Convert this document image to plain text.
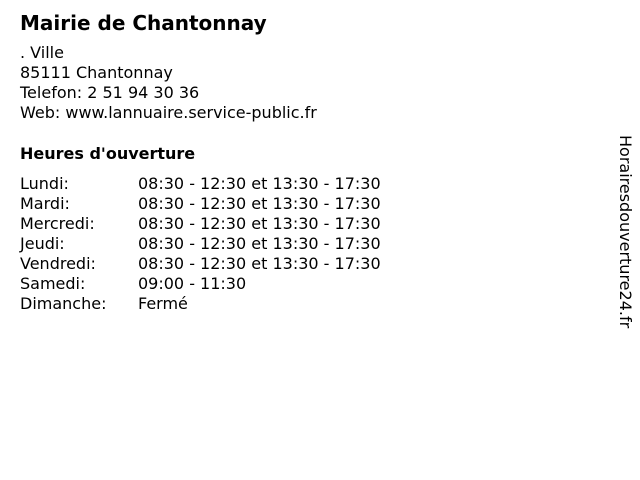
Mairie de Chantonnay
. Ville
85111 Chantonnay
Telefon: 2 51 94 30 36
Web: www.lannuaire.service-public.fr
Heures d'ouverture
Lundi:	08:30 - 12:30 et 13:30 - 17:30
Mardi:	08:30 - 12:30 et 13:30 - 17:30
Mercredi:	08:30 - 12:30 et 13:30 - 17:30
Jeudi:	08:30 - 12:30 et 13:30 - 17:30
Vendredi:	08:30 - 12:30 et 13:30 - 17:30
Samedi:	09:00 - 11:30
Dimanche:	Fermé	Horairesdouverture24.fr
